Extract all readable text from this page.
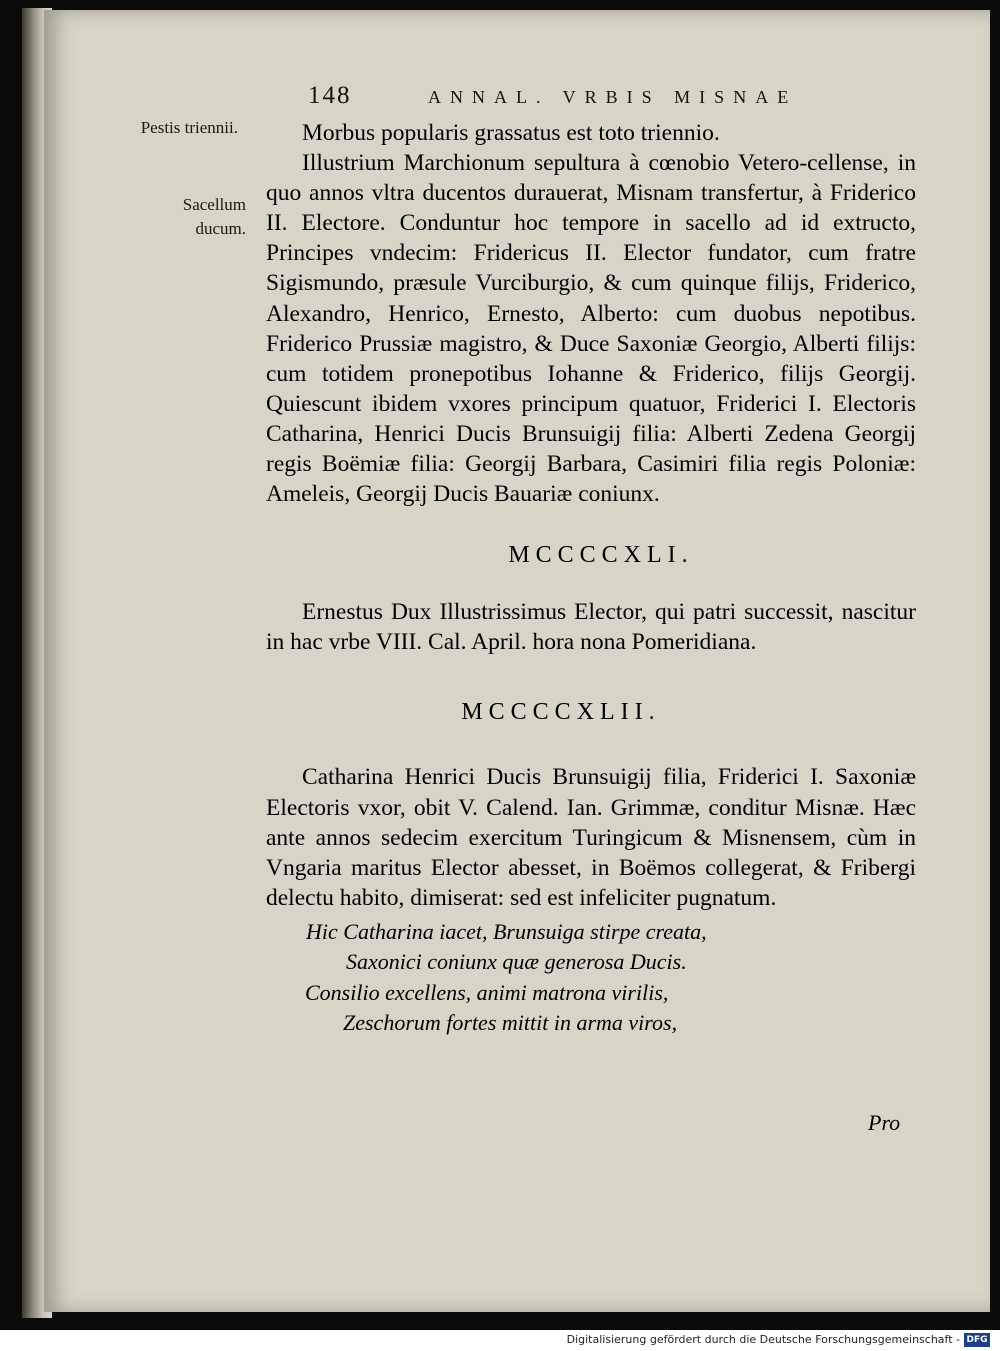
148	ANNAL. VRBIS MISNAE
Pestis triennii.
Sacellum ducum.

Morbus popularis grassatus est toto triennio.

Illustrium Marchionum sepultura à cœnobio Vetero-cellense, in quo annos vltra ducentos durauerat, Misnam transfertur, à Friderico II. Electore. Conduntur hoc tempore in sacello ad id extructo, Principes vndecim: Fridericus II. Elector fundator, cum fratre Sigismundo, præsule Vurciburgio, & cum quinque filijs, Friderico, Alexandro, Henrico, Ernesto, Alberto: cum duobus nepotibus. Friderico Prussiæ magistro, & Duce Saxoniæ Georgio, Alberti filijs: cum totidem pronepotibus Iohanne & Friderico, filijs Georgij. Quiescunt ibidem vxores principum quatuor, Friderici I. Electoris Catharina, Henrici Ducis Brunsuigij filia: Alberti Zedena Georgij regis Boëmiæ filia: Georgij Barbara, Casimiri filia regis Poloniæ: Ameleis, Georgij Ducis Bauariæ coniunx.

MCCCCXLI.

Ernestus Dux Illustrissimus Elector, qui patri successit, nascitur in hac vrbe VIII. Cal. April. hora nona Pomeridiana.

MCCCCXLII.

Catharina Henrici Ducis Brunsuigij filia, Friderici I. Saxoniæ Electoris vxor, obit V. Calend. Ian. Grimmæ, conditur Misnæ. Hæc ante annos sedecim exercitum Turingicum & Misnensem, cùm in Vngaria maritus Elector abesset, in Boëmos collegerat, & Fribergi delectu habito, dimiserat: sed est infeliciter pugnatum.

Hic Catharina iacet, Brunsuiga stirpe creata,
Saxonici coniunx quæ generosa Ducis.
Consilio excellens, animi matrona virilis,
Zeschorum fortes mittit in arma viros,
Pro
Digitalisierung gefördert durch die Deutsche Forschungsgemeinschaft - DFG
